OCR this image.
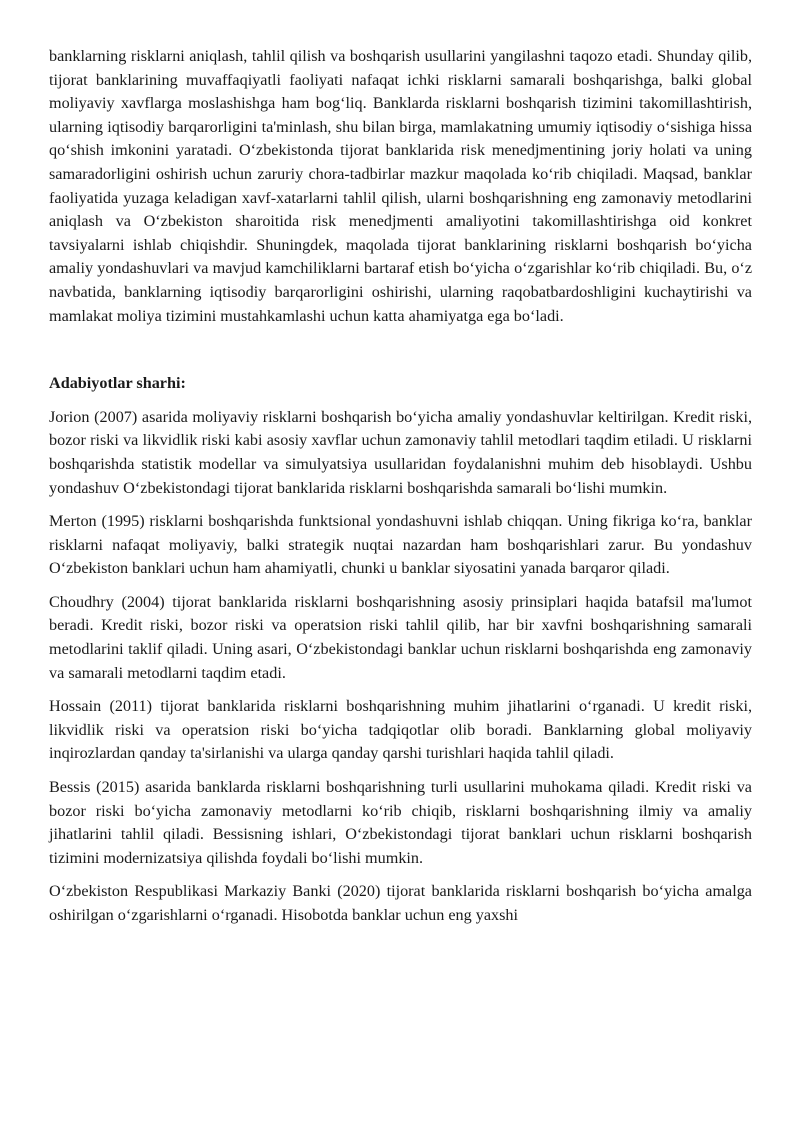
banklarning risklarni aniqlash, tahlil qilish va boshqarish usullarini yangilashni taqozo etadi. Shunday qilib, tijorat banklarining muvaffaqiyatli faoliyati nafaqat ichki risklarni samarali boshqarishga, balki global moliyaviy xavflarga moslashishga ham bog‘liq. Banklarda risklarni boshqarish tizimini takomillashtirish, ularning iqtisodiy barqarorligini ta'minlash, shu bilan birga, mamlakatning umumiy iqtisodiy o‘sishiga hissa qo‘shish imkonini yaratadi. O‘zbekistonda tijorat banklarida risk menedjmentining joriy holati va uning samaradorligini oshirish uchun zaruriy chora-tadbirlar mazkur maqolada ko‘rib chiqiladi. Maqsad, banklar faoliyatida yuzaga keladigan xavf-xatarlarni tahlil qilish, ularni boshqarishning eng zamonaviy metodlarini aniqlash va O‘zbekiston sharoitida risk menedjmenti amaliyotini takomillashtirishga oid konkret tavsiyalarni ishlab chiqishdir. Shuningdek, maqolada tijorat banklarining risklarni boshqarish bo‘yicha amaliy yondashuvlari va mavjud kamchiliklarni bartaraf etish bo‘yicha o‘zgarishlar ko‘rib chiqiladi. Bu, o‘z navbatida, banklarning iqtisodiy barqarorligini oshirishi, ularning raqobatbardoshligini kuchaytirishi va mamlakat moliya tizimini mustahkamlashi uchun katta ahamiyatga ega bo‘ladi.

Adabiyotlar sharhi:

Jorion (2007) asarida moliyaviy risklarni boshqarish bo‘yicha amaliy yondashuvlar keltirilgan. Kredit riski, bozor riski va likvidlik riski kabi asosiy xavflar uchun zamonaviy tahlil metodlari taqdim etiladi. U risklarni boshqarishda statistik modellar va simulyatsiya usullaridan foydalanishni muhim deb hisoblaydi. Ushbu yondashuv O‘zbekistondagi tijorat banklarida risklarni boshqarishda samarali bo‘lishi mumkin.

Merton (1995) risklarni boshqarishda funktsional yondashuvni ishlab chiqqan. Uning fikriga ko‘ra, banklar risklarni nafaqat moliyaviy, balki strategik nuqtai nazardan ham boshqarishlari zarur. Bu yondashuv O‘zbekiston banklari uchun ham ahamiyatli, chunki u banklar siyosatini yanada barqaror qiladi.

Choudhry (2004) tijorat banklarida risklarni boshqarishning asosiy prinsiplari haqida batafsil ma'lumot beradi. Kredit riski, bozor riski va operatsion riski tahlil qilib, har bir xavfni boshqarishning samarali metodlarini taklif qiladi. Uning asari, O‘zbekistondagi banklar uchun risklarni boshqarishda eng zamonaviy va samarali metodlarni taqdim etadi.

Hossain (2011) tijorat banklarida risklarni boshqarishning muhim jihatlarini o‘rganadi. U kredit riski, likvidlik riski va operatsion riski bo‘yicha tadqiqotlar olib boradi. Banklarning global moliyaviy inqirozlardan qanday ta'sirlanishi va ularga qanday qarshi turishlari haqida tahlil qiladi.

Bessis (2015) asarida banklarda risklarni boshqarishning turli usullarini muhokama qiladi. Kredit riski va bozor riski bo‘yicha zamonaviy metodlarni ko‘rib chiqib, risklarni boshqarishning ilmiy va amaliy jihatlarini tahlil qiladi. Bessisning ishlari, O‘zbekistondagi tijorat banklari uchun risklarni boshqarish tizimini modernizatsiya qilishda foydali bo‘lishi mumkin.

O‘zbekiston Respublikasi Markaziy Banki (2020) tijorat banklarida risklarni boshqarish bo‘yicha amalga oshirilgan o‘zgarishlarni o‘rganadi. Hisobotda banklar uchun eng yaxshi
